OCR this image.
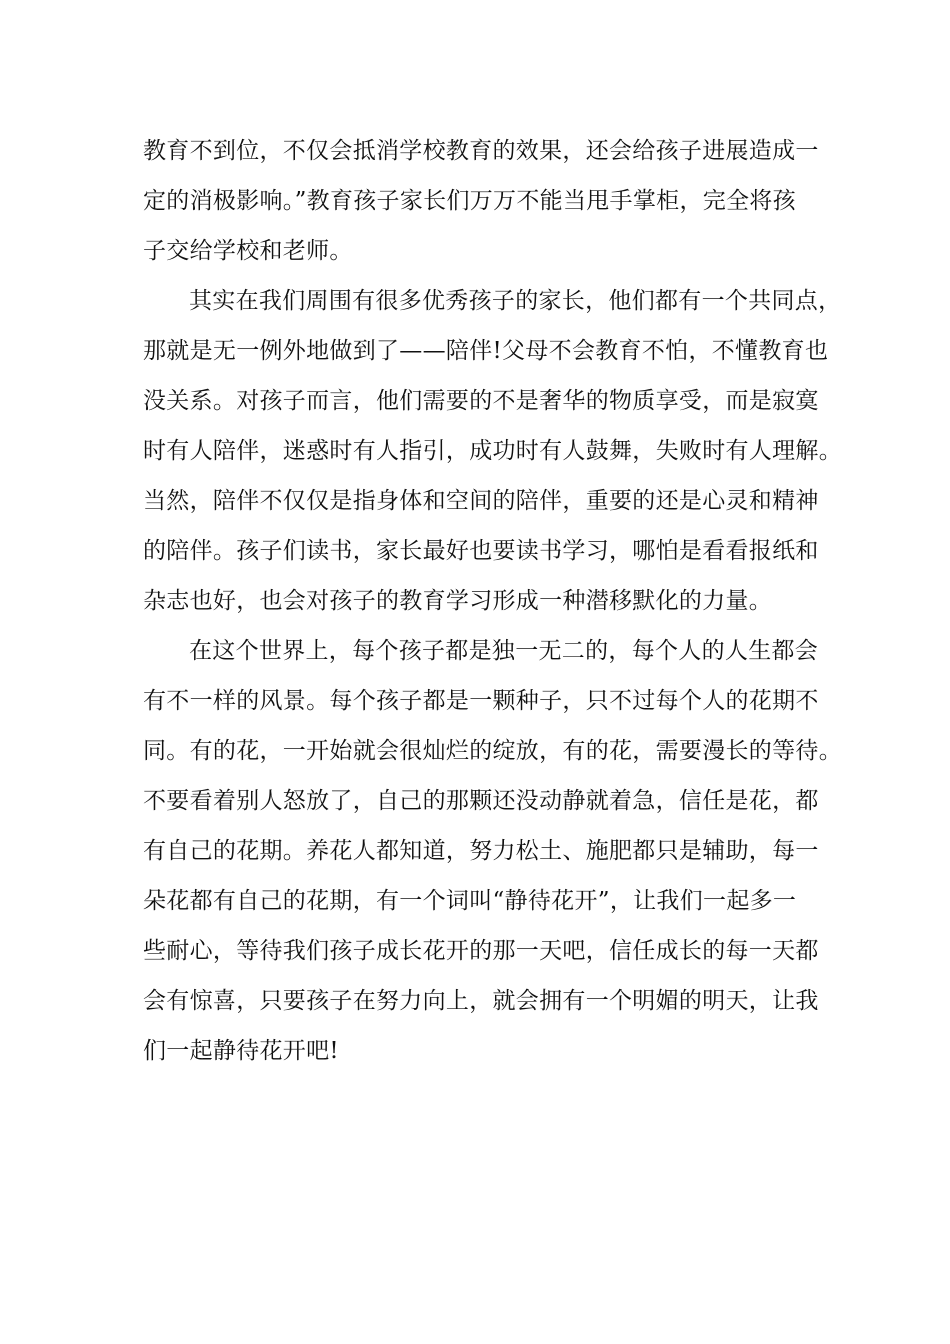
教育不到位，不仅会抵消学校教育的效果，还会给孩子进展造成一
定的消极影响。”教育孩子家长们万万不能当甩手掌柜，完全将孩
子交给学校和老师。
其实在我们周围有很多优秀孩子的家长，他们都有一个共同点，
那就是无一例外地做到了——陪伴!父母不会教育不怕，不懂教育也
没关系。对孩子而言，他们需要的不是奢华的物质享受，而是寂寞
时有人陪伴，迷惑时有人指引，成功时有人鼓舞，失败时有人理解。
当然，陪伴不仅仅是指身体和空间的陪伴，重要的还是心灵和精神
的陪伴。孩子们读书，家长最好也要读书学习，哪怕是看看报纸和
杂志也好，也会对孩子的教育学习形成一种潜移默化的力量。
在这个世界上，每个孩子都是独一无二的，每个人的人生都会
有不一样的风景。每个孩子都是一颗种子，只不过每个人的花期不
同。有的花，一开始就会很灿烂的绽放，有的花，需要漫长的等待。
不要看着别人怒放了，自己的那颗还没动静就着急，信任是花，都
有自己的花期。养花人都知道，努力松土、施肥都只是辅助，每一
朵花都有自己的花期，有一个词叫“静待花开”，让我们一起多一
些耐心，等待我们孩子成长花开的那一天吧，信任成长的每一天都
会有惊喜，只要孩子在努力向上，就会拥有一个明媚的明天，让我
们一起静待花开吧!
